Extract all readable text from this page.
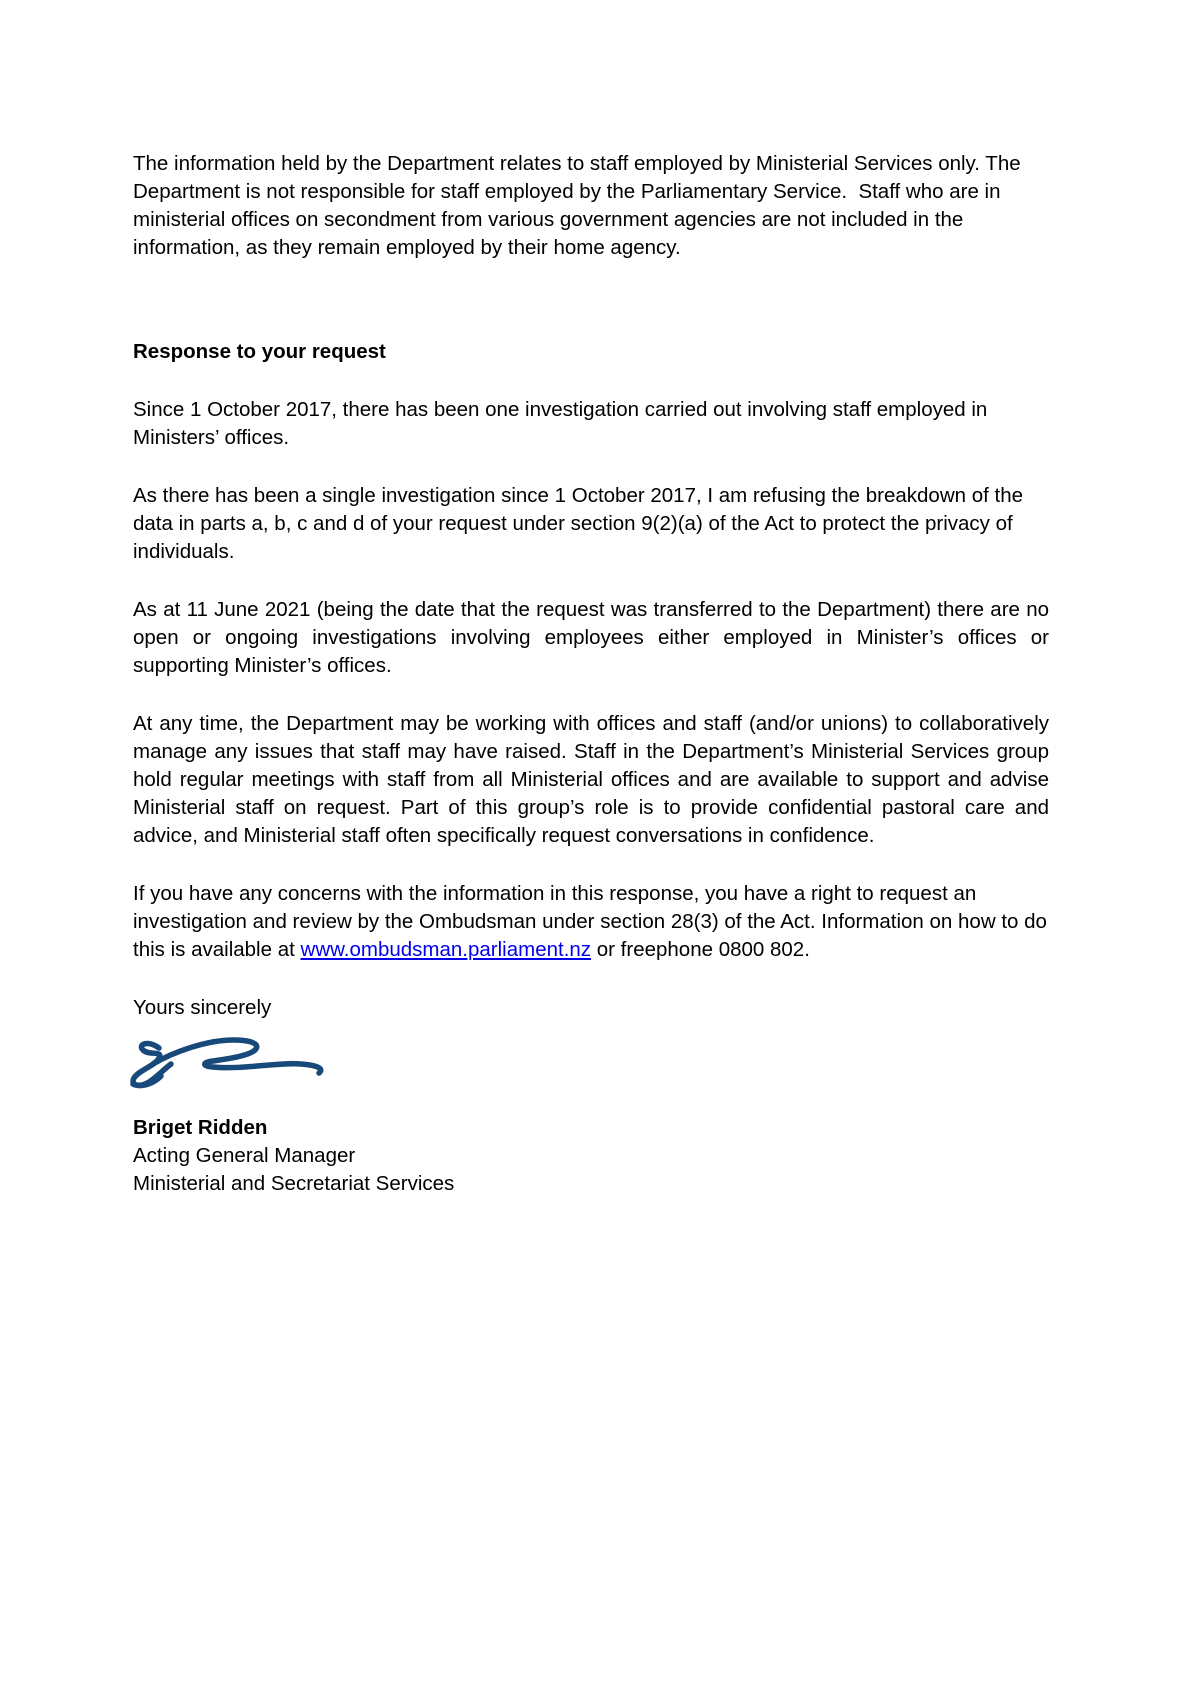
The information held by the Department relates to staff employed by Ministerial Services only. The Department is not responsible for staff employed by the Parliamentary Service.  Staff who are in ministerial offices on secondment from various government agencies are not included in the information, as they remain employed by their home agency.

Response to your request

Since 1 October 2017, there has been one investigation carried out involving staff employed in Ministers’ offices.

As there has been a single investigation since 1 October 2017, I am refusing the breakdown of the data in parts a, b, c and d of your request under section 9(2)(a) of the Act to protect the privacy of individuals.

As at 11 June 2021 (being the date that the request was transferred to the Department) there are no open or ongoing investigations involving employees either employed in Minister’s offices or supporting Minister’s offices.

At any time, the Department may be working with offices and staff (and/or unions) to collaboratively manage any issues that staff may have raised. Staff in the Department’s Ministerial Services group hold regular meetings with staff from all Ministerial offices and are available to support and advise Ministerial staff on request. Part of this group’s role is to provide confidential pastoral care and advice, and Ministerial staff often specifically request conversations in confidence.

If you have any concerns with the information in this response, you have a right to request an investigation and review by the Ombudsman under section 28(3) of the Act. Information on how to do this is available at www.ombudsman.parliament.nz or freephone 0800 802.

Yours sincerely

Briget Ridden
Acting General Manager
Ministerial and Secretariat Services
